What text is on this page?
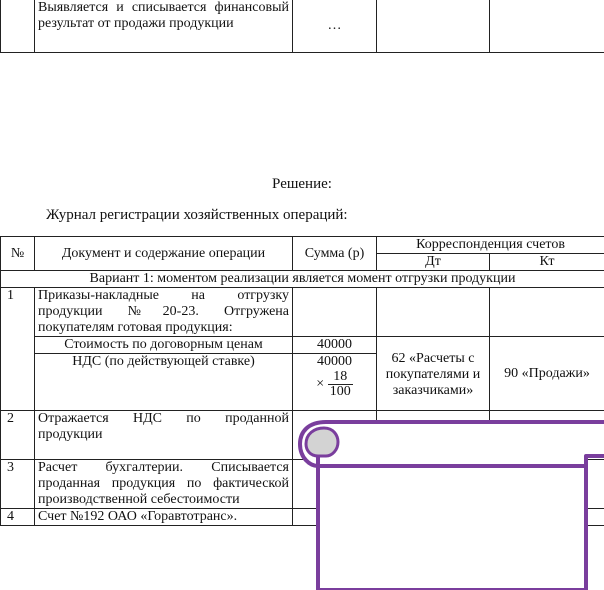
	Выявляется и списывается финансовый результат от продажи продукции	…		
Решение:
Журнал регистрации хозяйственных операций:
№	Документ и содержание операции	Сумма (р)	Корреспонденция счетов	
			Дт	Кт
Вариант 1: моментом реализации является момент отгрузки продукции				
1	Приказы-накладные на отгрузку продукции №20-23. Отгружена покупателям готовая продукция:			
	Стоимость по договорным ценам	40000	62 «Расчеты с покупателями и заказчиками»	90 «Продажи»
	НДС (по действующей ставке)	40000
× $\frac{18}{100}$

2	Отражается НДС по проданной продукции			
3	Расчет бухгалтерии. Списывается проданная продукция по фактической производственной себестоимости			
4	Счет №192 ОАО «Горавтотранс».			
